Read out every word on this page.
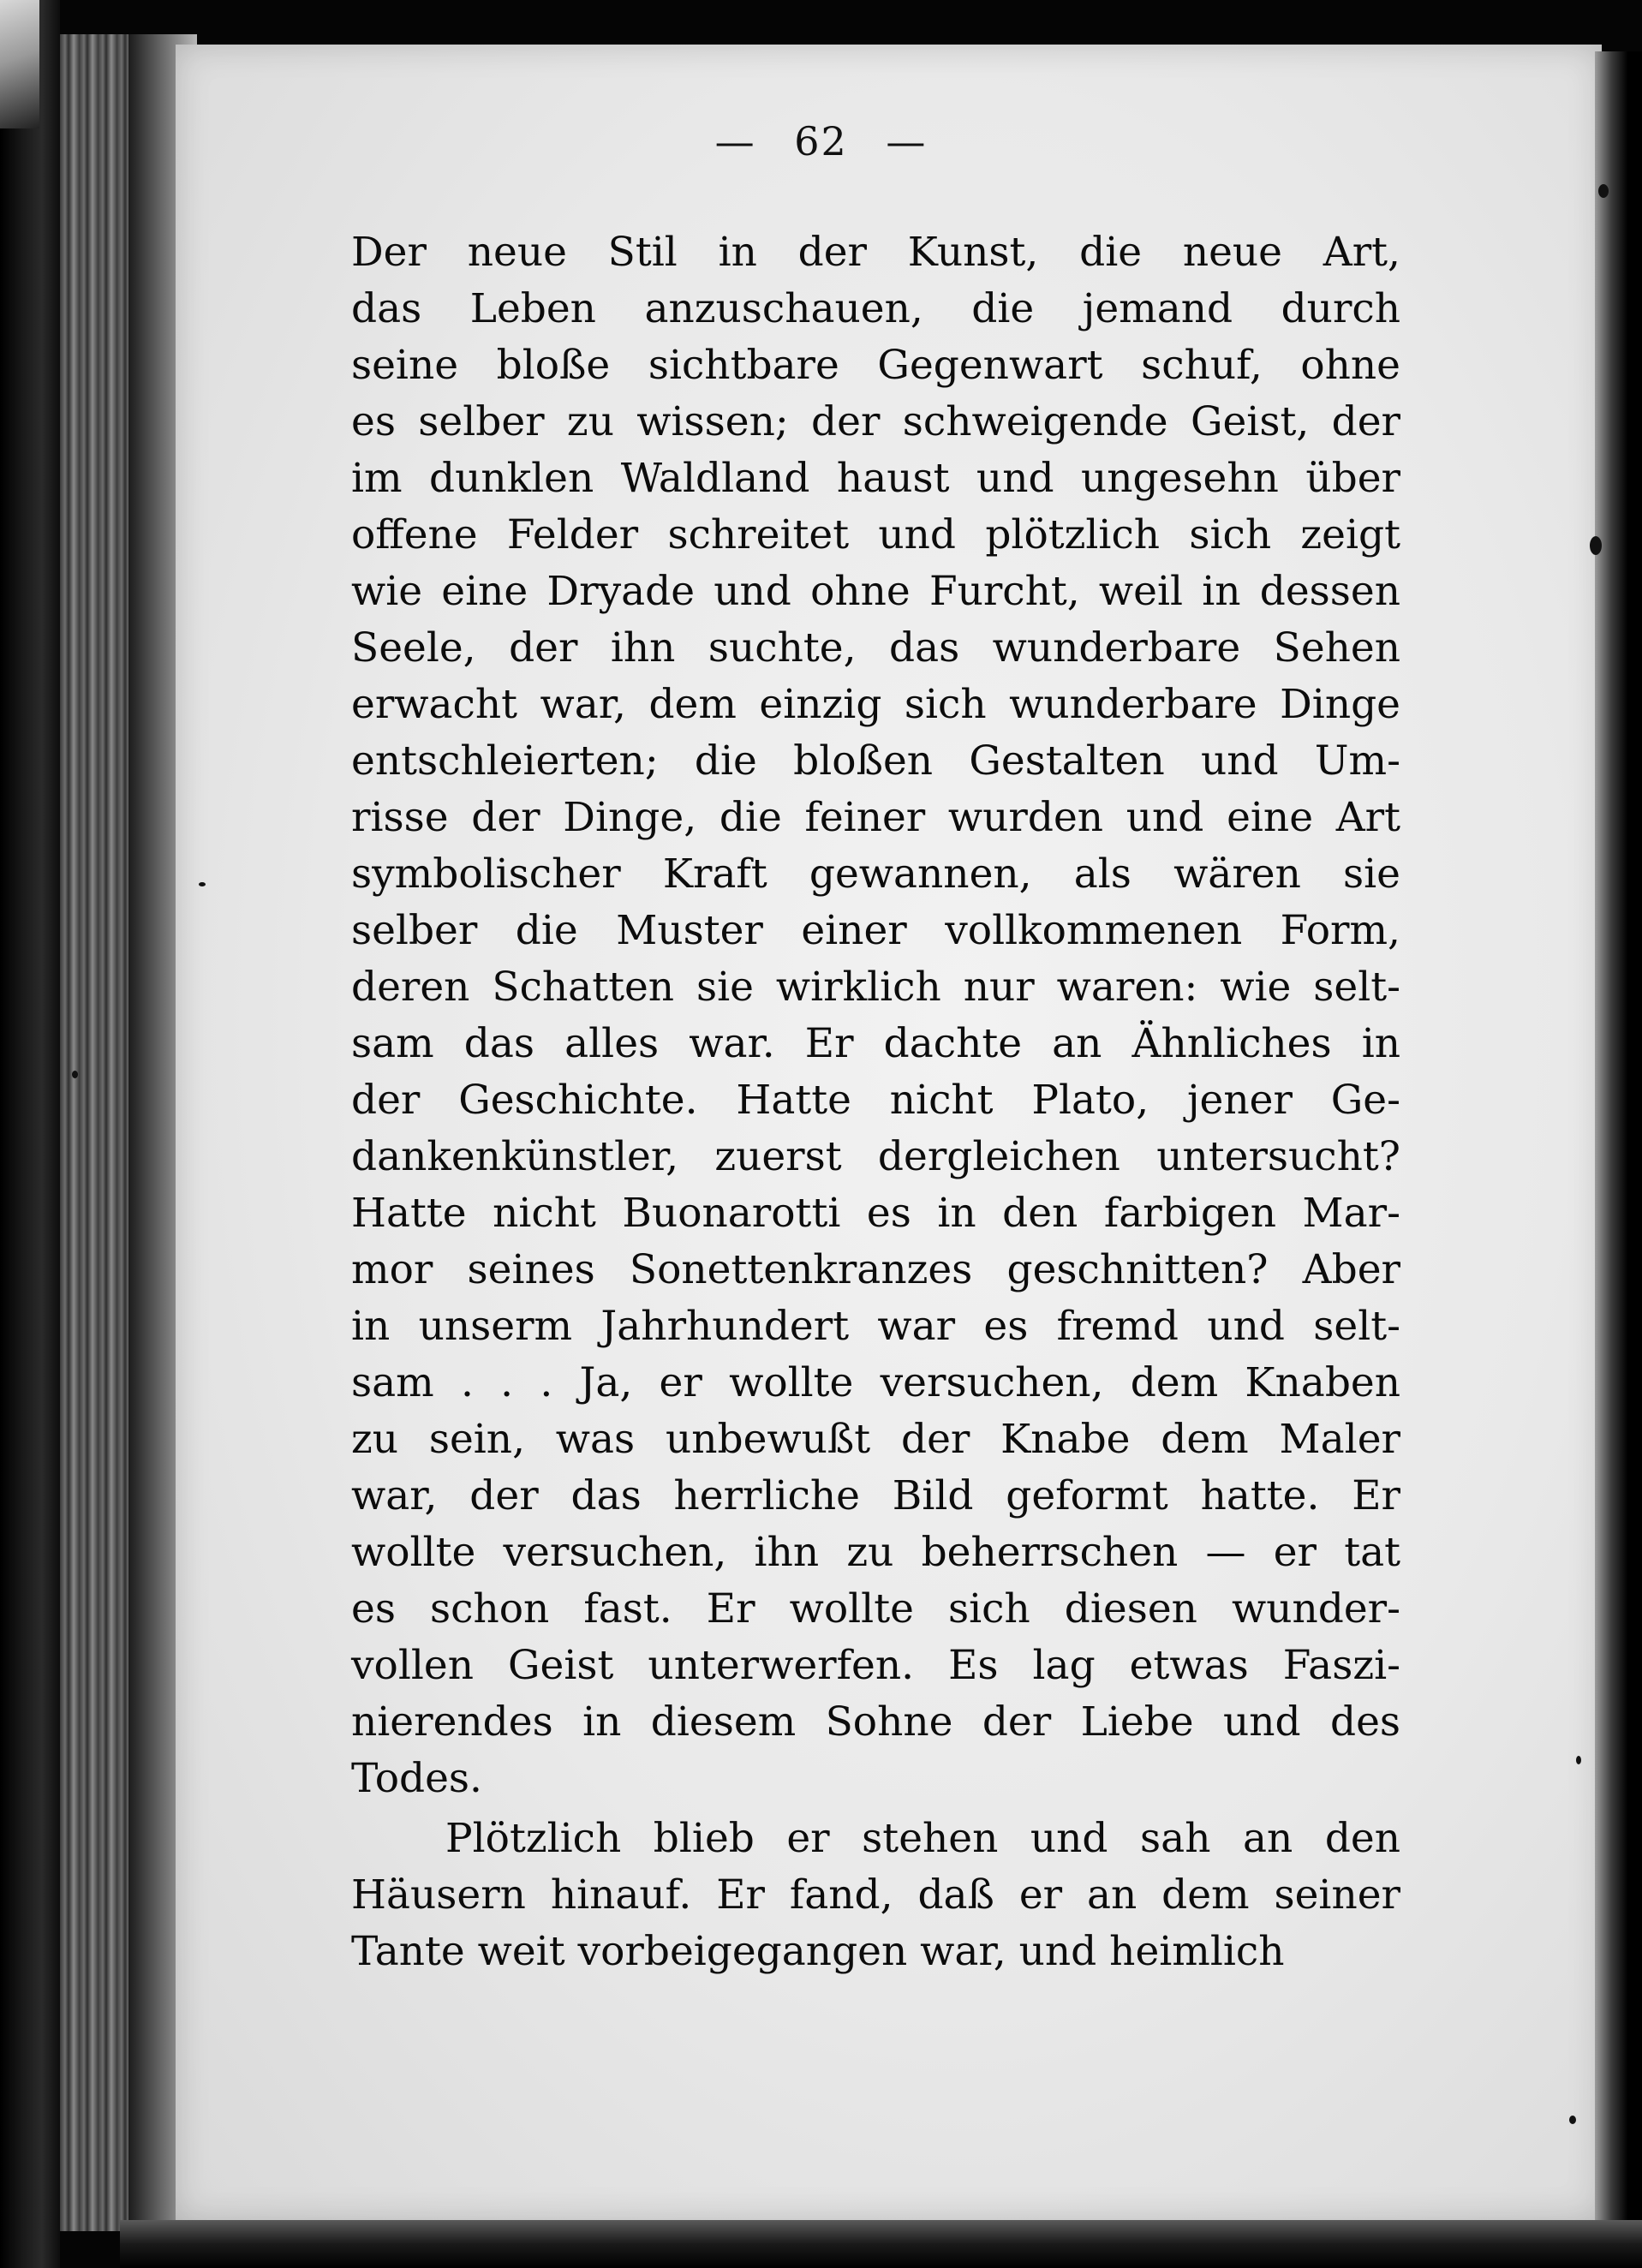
— 62 —
Der neue Stil in der Kunst, die neue Art,
das Leben anzuschauen, die jemand durch
seine bloße sichtbare Gegenwart schuf, ohne
es selber zu wissen; der schweigende Geist, der
im dunklen Waldland haust und ungesehn über
offene Felder schreitet und plötzlich sich zeigt
wie eine Dryade und ohne Furcht, weil in dessen
Seele, der ihn suchte, das wunderbare Sehen
erwacht war, dem einzig sich wunderbare Dinge
entschleierten; die bloßen Gestalten und Um-
risse der Dinge, die feiner wurden und eine Art
symbolischer Kraft gewannen, als wären sie
selber die Muster einer vollkommenen Form,
deren Schatten sie wirklich nur waren: wie selt-
sam das alles war. Er dachte an Ähnliches in
der Geschichte. Hatte nicht Plato, jener Ge-
dankenkünstler, zuerst dergleichen untersucht?
Hatte nicht Buonarotti es in den farbigen Mar-
mor seines Sonettenkranzes geschnitten? Aber
in unserm Jahrhundert war es fremd und selt-
sam . . . Ja, er wollte versuchen, dem Knaben
zu sein, was unbewußt der Knabe dem Maler
war, der das herrliche Bild geformt hatte. Er
wollte versuchen, ihn zu beherrschen — er tat
es schon fast. Er wollte sich diesen wunder-
vollen Geist unterwerfen. Es lag etwas Faszi-
nierendes in diesem Sohne der Liebe und des
Todes.
Plötzlich blieb er stehen und sah an den
Häusern hinauf. Er fand, daß er an dem seiner
Tante weit vorbeigegangen war, und heimlich
